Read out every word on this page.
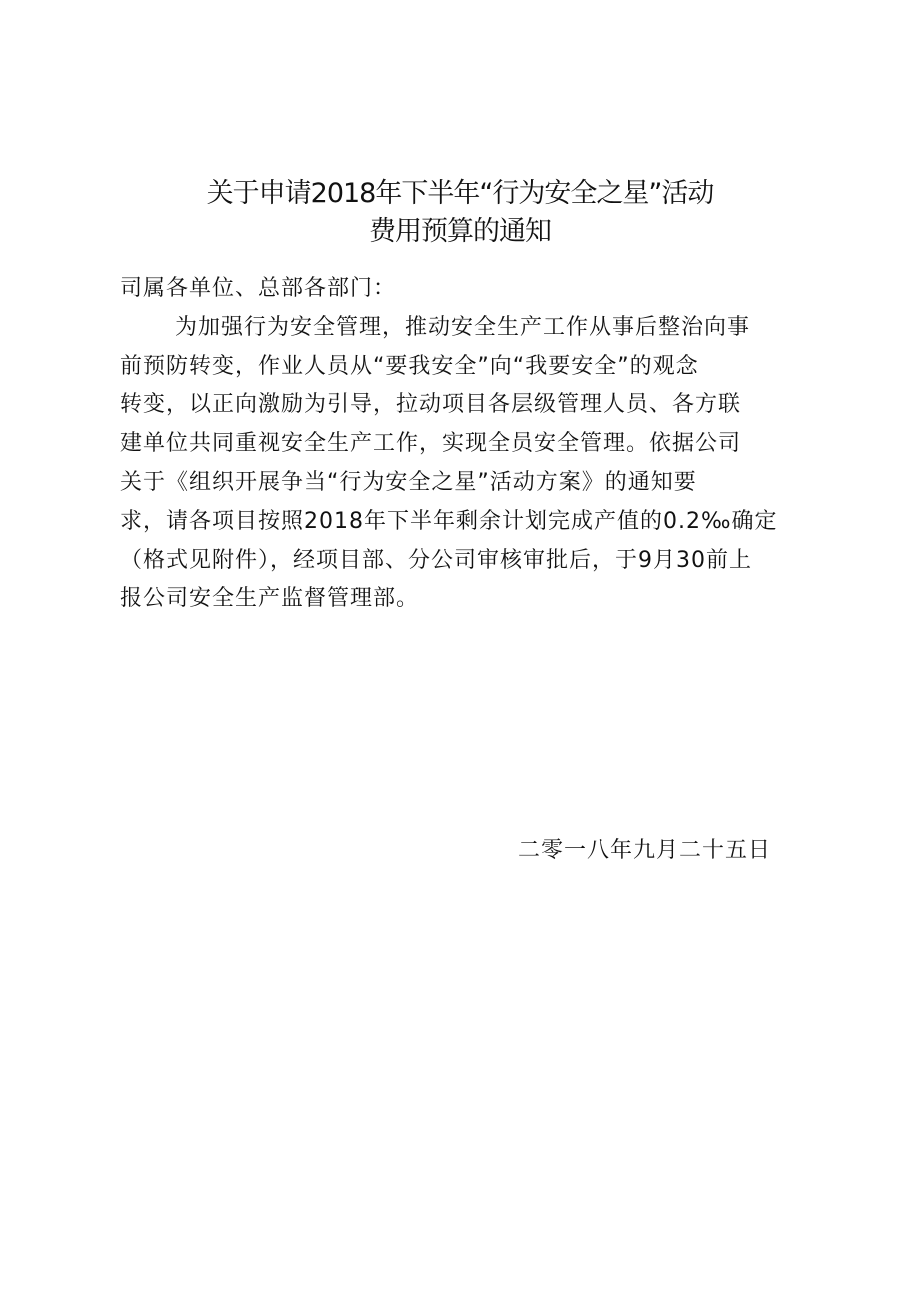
关于申请2018年下半年“行为安全之星”活动
费用预算的通知

司属各单位、总部各部门：

为加强行为安全管理，推动安全生产工作从事后整治向事

前预防转变，作业人员从“要我安全”向“我要安全”的观念

转变，以正向激励为引导，拉动项目各层级管理人员、各方联

建单位共同重视安全生产工作，实现全员安全管理。依据公司

关于《组织开展争当“行为安全之星”活动方案》的通知要

求，请各项目按照2018年下半年剩余计划完成产值的0.2‰确定

（格式见附件），经项目部、分公司审核审批后，于9月30前上

报公司安全生产监督管理部。

二零一八年九月二十五日
